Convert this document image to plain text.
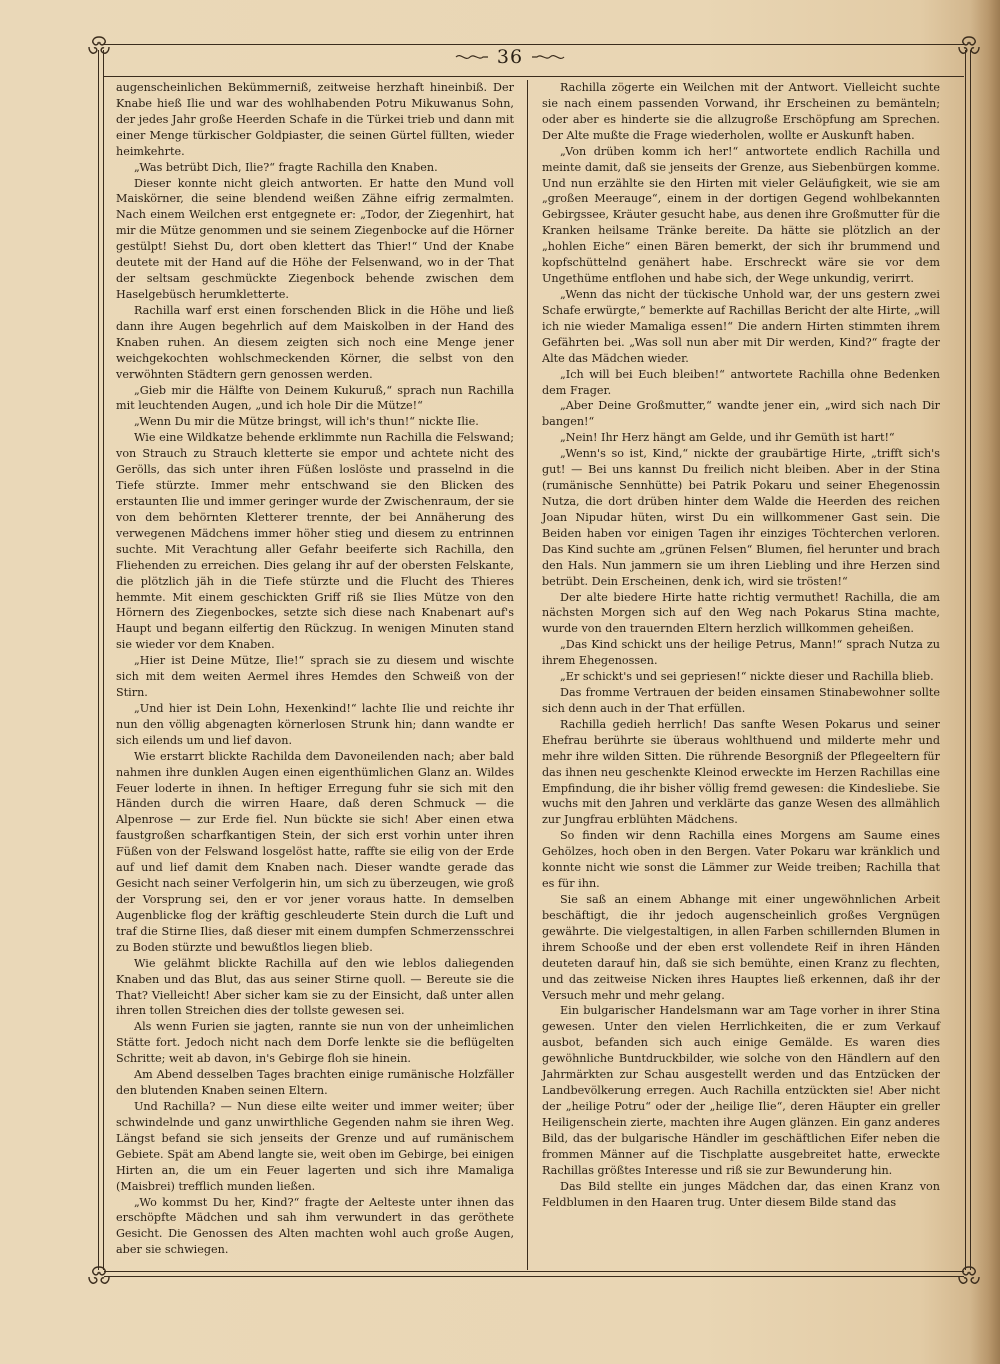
36

augenscheinlichen Bekümmerniß, zeitweise herzhaft hineinbiß. Der Knabe hieß Ilie und war des wohlhabenden Potru Mikuwanus Sohn, der jedes Jahr große Heerden Schafe in die Türkei trieb und dann mit einer Menge türkischer Goldpiaster, die seinen Gürtel füllten, wieder heimkehrte.

„Was betrübt Dich, Ilie?“ fragte Rachilla den Knaben.

Dieser konnte nicht gleich antworten. Er hatte den Mund voll Maiskörner, die seine blendend weißen Zähne eifrig zermalmten. Nach einem Weilchen erst entgegnete er: „Todor, der Ziegenhirt, hat mir die Mütze genommen und sie seinem Ziegenbocke auf die Hörner gestülpt! Siehst Du, dort oben klettert das Thier!“ Und der Knabe deutete mit der Hand auf die Höhe der Felsenwand, wo in der That der seltsam geschmückte Ziegenbock behende zwischen dem Haselgebüsch herumkletterte.

Rachilla warf erst einen forschenden Blick in die Höhe und ließ dann ihre Augen begehrlich auf dem Maiskolben in der Hand des Knaben ruhen. An diesem zeigten sich noch eine Menge jener weichgekochten wohlschmeckenden Körner, die selbst von den verwöhnten Städtern gern genossen werden.

„Gieb mir die Hälfte von Deinem Kukuruß,“ sprach nun Rachilla mit leuchtenden Augen, „und ich hole Dir die Mütze!“

„Wenn Du mir die Mütze bringst, will ich's thun!“ nickte Ilie.

Wie eine Wildkatze behende erklimmte nun Rachilla die Felswand; von Strauch zu Strauch kletterte sie empor und achtete nicht des Gerölls, das sich unter ihren Füßen loslöste und prasselnd in die Tiefe stürzte. Immer mehr entschwand sie den Blicken des erstaunten Ilie und immer geringer wurde der Zwischenraum, der sie von dem behörnten Kletterer trennte, der bei Annäherung des verwegenen Mädchens immer höher stieg und diesem zu entrinnen suchte. Mit Verachtung aller Gefahr beeiferte sich Rachilla, den Fliehenden zu erreichen. Dies gelang ihr auf der obersten Felskante, die plötzlich jäh in die Tiefe stürzte und die Flucht des Thieres hemmte. Mit einem geschickten Griff riß sie Ilies Mütze von den Hörnern des Ziegenbockes, setzte sich diese nach Knabenart auf's Haupt und begann eilfertig den Rückzug. In wenigen Minuten stand sie wieder vor dem Knaben.

„Hier ist Deine Mütze, Ilie!“ sprach sie zu diesem und wischte sich mit dem weiten Aermel ihres Hemdes den Schweiß von der Stirn.

„Und hier ist Dein Lohn, Hexenkind!“ lachte Ilie und reichte ihr nun den völlig abgenagten körnerlosen Strunk hin; dann wandte er sich eilends um und lief davon.

Wie erstarrt blickte Rachilda dem Davoneilenden nach; aber bald nahmen ihre dunklen Augen einen eigenthümlichen Glanz an. Wildes Feuer loderte in ihnen. In heftiger Erregung fuhr sie sich mit den Händen durch die wirren Haare, daß deren Schmuck — die Alpenrose — zur Erde fiel. Nun bückte sie sich! Aber einen etwa faustgroßen scharfkantigen Stein, der sich erst vorhin unter ihren Füßen von der Felswand losgelöst hatte, raffte sie eilig von der Erde auf und lief damit dem Knaben nach. Dieser wandte gerade das Gesicht nach seiner Verfolgerin hin, um sich zu überzeugen, wie groß der Vorsprung sei, den er vor jener voraus hatte. In demselben Augenblicke flog der kräftig geschleuderte Stein durch die Luft und traf die Stirne Ilies, daß dieser mit einem dumpfen Schmerzensschrei zu Boden stürzte und bewußtlos liegen blieb.

Wie gelähmt blickte Rachilla auf den wie leblos daliegenden Knaben und das Blut, das aus seiner Stirne quoll. — Bereute sie die That? Vielleicht! Aber sicher kam sie zu der Einsicht, daß unter allen ihren tollen Streichen dies der tollste gewesen sei.

Als wenn Furien sie jagten, rannte sie nun von der unheimlichen Stätte fort. Jedoch nicht nach dem Dorfe lenkte sie die beflügelten Schritte; weit ab davon, in's Gebirge floh sie hinein.

Am Abend desselben Tages brachten einige rumänische Holzfäller den blutenden Knaben seinen Eltern.

Und Rachilla? — Nun diese eilte weiter und immer weiter; über schwindelnde und ganz unwirthliche Gegenden nahm sie ihren Weg. Längst befand sie sich jenseits der Grenze und auf rumänischem Gebiete. Spät am Abend langte sie, weit oben im Gebirge, bei einigen Hirten an, die um ein Feuer lagerten und sich ihre Mamaliga (Maisbrei) trefflich munden ließen.

„Wo kommst Du her, Kind?“ fragte der Aelteste unter ihnen das erschöpfte Mädchen und sah ihm verwundert in das geröthete Gesicht. Die Genossen des Alten machten wohl auch große Augen, aber sie schwiegen.

Rachilla zögerte ein Weilchen mit der Antwort. Vielleicht suchte sie nach einem passenden Vorwand, ihr Erscheinen zu bemänteln; oder aber es hinderte sie die allzugroße Erschöpfung am Sprechen. Der Alte mußte die Frage wiederholen, wollte er Auskunft haben.

„Von drüben komm ich her!“ antwortete endlich Rachilla und meinte damit, daß sie jenseits der Grenze, aus Siebenbürgen komme. Und nun erzählte sie den Hirten mit vieler Geläufigkeit, wie sie am „großen Meerauge“, einem in der dortigen Gegend wohlbekannten Gebirgssee, Kräuter gesucht habe, aus denen ihre Großmutter für die Kranken heilsame Tränke bereite. Da hätte sie plötzlich an der „hohlen Eiche“ einen Bären bemerkt, der sich ihr brummend und kopfschüttelnd genähert habe. Erschreckt wäre sie vor dem Ungethüme entflohen und habe sich, der Wege unkundig, verirrt.

„Wenn das nicht der tückische Unhold war, der uns gestern zwei Schafe erwürgte,“ bemerkte auf Rachillas Bericht der alte Hirte, „will ich nie wieder Mamaliga essen!“ Die andern Hirten stimmten ihrem Gefährten bei. „Was soll nun aber mit Dir werden, Kind?“ fragte der Alte das Mädchen wieder.

„Ich will bei Euch bleiben!“ antwortete Rachilla ohne Bedenken dem Frager.

„Aber Deine Großmutter,“ wandte jener ein, „wird sich nach Dir bangen!“

„Nein! Ihr Herz hängt am Gelde, und ihr Gemüth ist hart!“

„Wenn's so ist, Kind,“ nickte der graubärtige Hirte, „trifft sich's gut! — Bei uns kannst Du freilich nicht bleiben. Aber in der Stina (rumänische Sennhütte) bei Patrik Pokaru und seiner Ehegenossin Nutza, die dort drüben hinter dem Walde die Heerden des reichen Joan Nipudar hüten, wirst Du ein willkommener Gast sein. Die Beiden haben vor einigen Tagen ihr einziges Töchterchen verloren. Das Kind suchte am „grünen Felsen“ Blumen, fiel herunter und brach den Hals. Nun jammern sie um ihren Liebling und ihre Herzen sind betrübt. Dein Erscheinen, denk ich, wird sie trösten!“

Der alte biedere Hirte hatte richtig vermuthet! Rachilla, die am nächsten Morgen sich auf den Weg nach Pokarus Stina machte, wurde von den trauernden Eltern herzlich willkommen geheißen.

„Das Kind schickt uns der heilige Petrus, Mann!“ sprach Nutza zu ihrem Ehegenossen.

„Er schickt's und sei gepriesen!“ nickte dieser und Rachilla blieb.

Das fromme Vertrauen der beiden einsamen Stinabewohner sollte sich denn auch in der That erfüllen.

Rachilla gedieh herrlich! Das sanfte Wesen Pokarus und seiner Ehefrau berührte sie überaus wohlthuend und milderte mehr und mehr ihre wilden Sitten. Die rührende Besorgniß der Pflegeeltern für das ihnen neu geschenkte Kleinod erweckte im Herzen Rachillas eine Empfindung, die ihr bisher völlig fremd gewesen: die Kindesliebe. Sie wuchs mit den Jahren und verklärte das ganze Wesen des allmählich zur Jungfrau erblühten Mädchens.

So finden wir denn Rachilla eines Morgens am Saume eines Gehölzes, hoch oben in den Bergen. Vater Pokaru war kränklich und konnte nicht wie sonst die Lämmer zur Weide treiben; Rachilla that es für ihn.

Sie saß an einem Abhange mit einer ungewöhnlichen Arbeit beschäftigt, die ihr jedoch augenscheinlich großes Vergnügen gewährte. Die vielgestaltigen, in allen Farben schillernden Blumen in ihrem Schooße und der eben erst vollendete Reif in ihren Händen deuteten darauf hin, daß sie sich bemühte, einen Kranz zu flechten, und das zeitweise Nicken ihres Hauptes ließ erkennen, daß ihr der Versuch mehr und mehr gelang.

Ein bulgarischer Handelsmann war am Tage vorher in ihrer Stina gewesen. Unter den vielen Herrlichkeiten, die er zum Verkauf ausbot, befanden sich auch einige Gemälde. Es waren dies gewöhnliche Buntdruckbilder, wie solche von den Händlern auf den Jahrmärkten zur Schau ausgestellt werden und das Entzücken der Landbevölkerung erregen. Auch Rachilla entzückten sie! Aber nicht der „heilige Potru“ oder der „heilige Ilie“, deren Häupter ein greller Heiligenschein zierte, machten ihre Augen glänzen. Ein ganz anderes Bild, das der bulgarische Händler im geschäftlichen Eifer neben die frommen Männer auf die Tischplatte ausgebreitet hatte, erweckte Rachillas größtes Interesse und riß sie zur Bewunderung hin.

Das Bild stellte ein junges Mädchen dar, das einen Kranz von Feldblumen in den Haaren trug. Unter diesem Bilde stand das
